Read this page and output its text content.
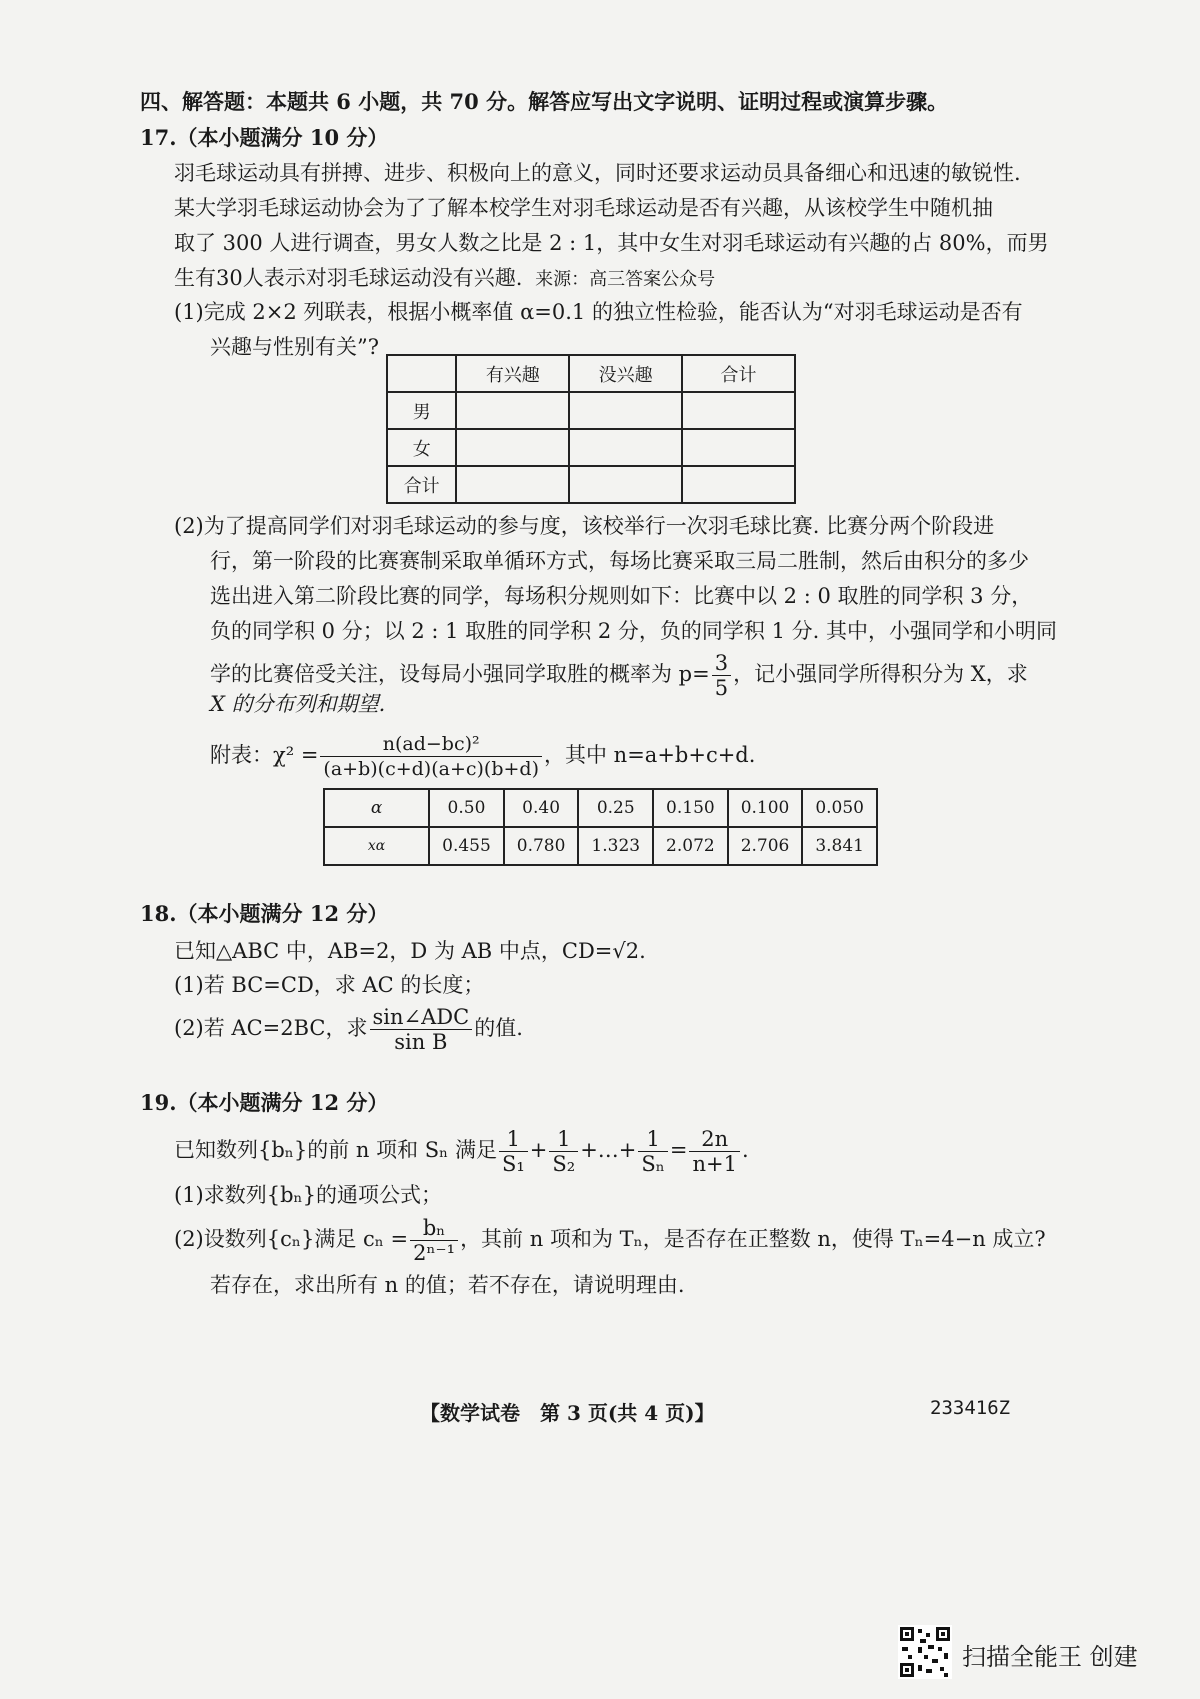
四、解答题：本题共 6 小题，共 70 分。解答应写出文字说明、证明过程或演算步骤。
17.（本小题满分 10 分）
羽毛球运动具有拼搏、进步、积极向上的意义，同时还要求运动员具备细心和迅速的敏锐性.
某大学羽毛球运动协会为了了解本校学生对羽毛球运动是否有兴趣，从该校学生中随机抽
取了 300 人进行调查，男女人数之比是 2 : 1，其中女生对羽毛球运动有兴趣的占 80%，而男
生有30人表示对羽毛球运动没有兴趣. 来源：高三答案公众号
(1)完成 2×2 列联表，根据小概率值 α=0.1 的独立性检验，能否认为“对羽毛球运动是否有
兴趣与性别有关”?
	有兴趣	没兴趣	合计
男			
女			
合计			
(2)为了提高同学们对羽毛球运动的参与度，该校举行一次羽毛球比赛. 比赛分两个阶段进
行，第一阶段的比赛赛制采取单循环方式，每场比赛采取三局二胜制，然后由积分的多少
选出进入第二阶段比赛的同学，每场积分规则如下：比赛中以 2 : 0 取胜的同学积 3 分，
负的同学积 0 分；以 2 : 1 取胜的同学积 2 分，负的同学积 1 分. 其中，小强同学和小明同
学的比赛倍受关注，设每局小强同学取胜的概率为 $p= \frac{3}{5}$ ，记小强同学所得积分为 X，求
X 的分布列和期望.
附表：$\chi^2 = \frac{\text{n(ad−bc)²}}{(a+b)(c+d)(a+c)(b+d)}$ ，其中 n=a+b+c+d.
α	0.50	0.40	0.25	0.150	0.100	0.050
xα	0.455	0.780	1.323	2.072	2.706	3.841
18.（本小题满分 12 分）
已知△ABC 中，AB=2，D 为 AB 中点，CD=√2.
(1)若 BC=CD，求 AC 的长度；
(2)若 AC=2BC，求 $\frac{\text{sin∠ADC}}{\text{sin B}}$ 的值.
19.（本小题满分 12 分）
已知数列{bₙ}的前 n 项和 Sₙ 满足 $\frac{1}{\text{S₁}} + \frac{1}{\text{S₂}}$ +…+ $\frac{1}{\text{Sₙ}} = \frac{2n}{n+1}$ .
(1)求数列{bₙ}的通项公式；
(2)设数列{cₙ}满足 $c_n = \frac{\text{bₙ}}{\text{2ⁿ⁻¹}}$ ，其前 n 项和为 Tₙ，是否存在正整数 n，使得 Tₙ=4−n 成立?
若存在，求出所有 n 的值；若不存在，请说明理由.
【数学试卷　第 3 页(共 4 页)】	233416Z
扫描全能王 创建
